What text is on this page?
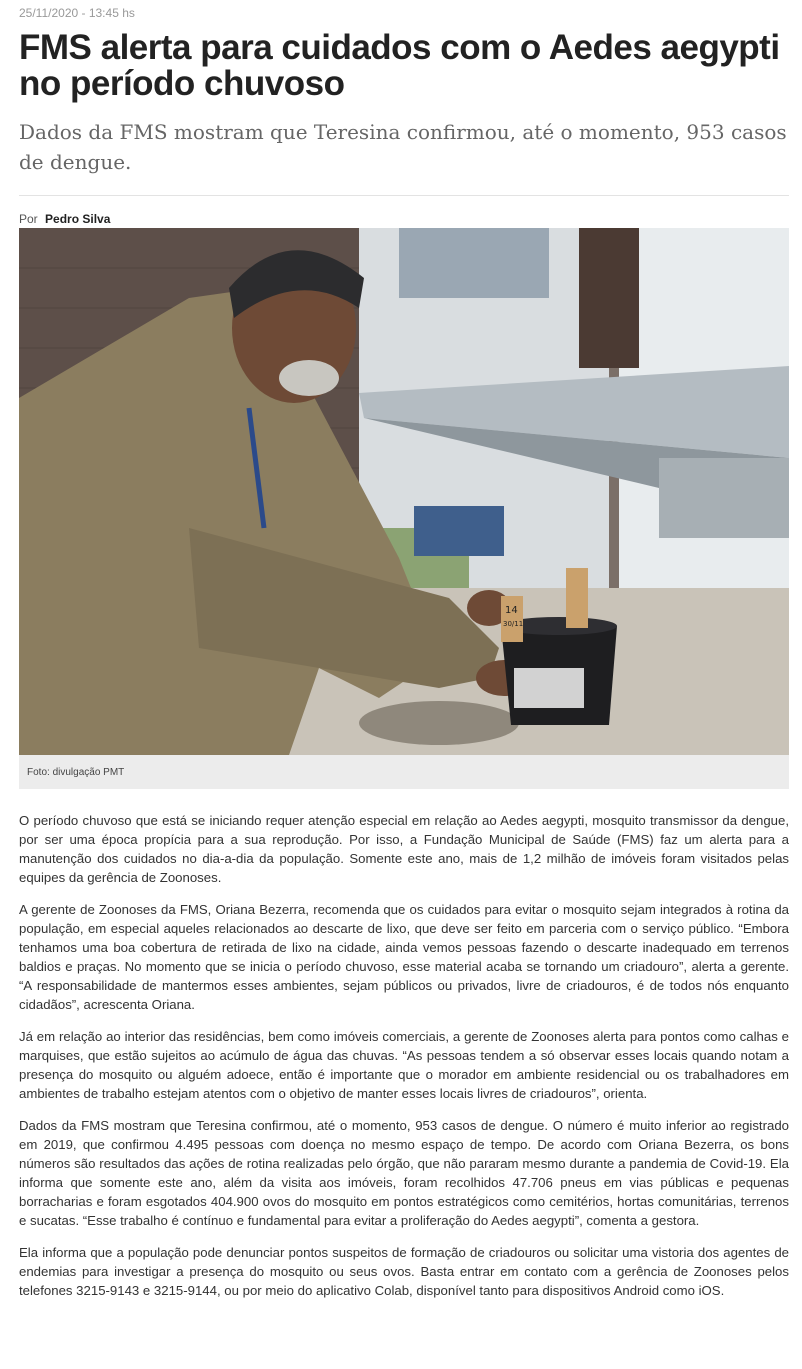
25/11/2020 - 13:45 hs
FMS alerta para cuidados com o Aedes aegypti no período chuvoso

Dados da FMS mostram que Teresina confirmou, até o momento, 953 casos de dengue.

Por Pedro Silva
14
30/11
Foto: divulgação PMT

O período chuvoso que está se iniciando requer atenção especial em relação ao Aedes aegypti, mosquito transmissor da dengue, por ser uma época propícia para a sua reprodução. Por isso, a Fundação Municipal de Saúde (FMS) faz um alerta para a manutenção dos cuidados no dia-a-dia da população. Somente este ano, mais de 1,2 milhão de imóveis foram visitados pelas equipes da gerência de Zoonoses.

A gerente de Zoonoses da FMS, Oriana Bezerra, recomenda que os cuidados para evitar o mosquito sejam integrados à rotina da população, em especial aqueles relacionados ao descarte de lixo, que deve ser feito em parceria com o serviço público. “Embora tenhamos uma boa cobertura de retirada de lixo na cidade, ainda vemos pessoas fazendo o descarte inadequado em terrenos baldios e praças. No momento que se inicia o período chuvoso, esse material acaba se tornando um criadouro”, alerta a gerente. “A responsabilidade de mantermos esses ambientes, sejam públicos ou privados, livre de criadouros, é de todos nós enquanto cidadãos”, acrescenta Oriana.

Já em relação ao interior das residências, bem como imóveis comerciais, a gerente de Zoonoses alerta para pontos como calhas e marquises, que estão sujeitos ao acúmulo de água das chuvas. “As pessoas tendem a só observar esses locais quando notam a presença do mosquito ou alguém adoece, então é importante que o morador em ambiente residencial ou os trabalhadores em ambientes de trabalho estejam atentos com o objetivo de manter esses locais livres de criadouros”, orienta.

Dados da FMS mostram que Teresina confirmou, até o momento, 953 casos de dengue. O número é muito inferior ao registrado em 2019, que confirmou 4.495 pessoas com doença no mesmo espaço de tempo. De acordo com Oriana Bezerra, os bons números são resultados das ações de rotina realizadas pelo órgão, que não pararam mesmo durante a pandemia de Covid-19. Ela informa que somente este ano, além da visita aos imóveis, foram recolhidos 47.706 pneus em vias públicas e pequenas borracharias e foram esgotados 404.900 ovos do mosquito em pontos estratégicos como cemitérios, hortas comunitárias, terrenos e sucatas. “Esse trabalho é contínuo e fundamental para evitar a proliferação do Aedes aegypti”, comenta a gestora.

Ela informa que a população pode denunciar pontos suspeitos de formação de criadouros ou solicitar uma vistoria dos agentes de endemias para investigar a presença do mosquito ou seus ovos. Basta entrar em contato com a gerência de Zoonoses pelos telefones 3215-9143 e 3215-9144, ou por meio do aplicativo Colab, disponível tanto para dispositivos Android como iOS.
